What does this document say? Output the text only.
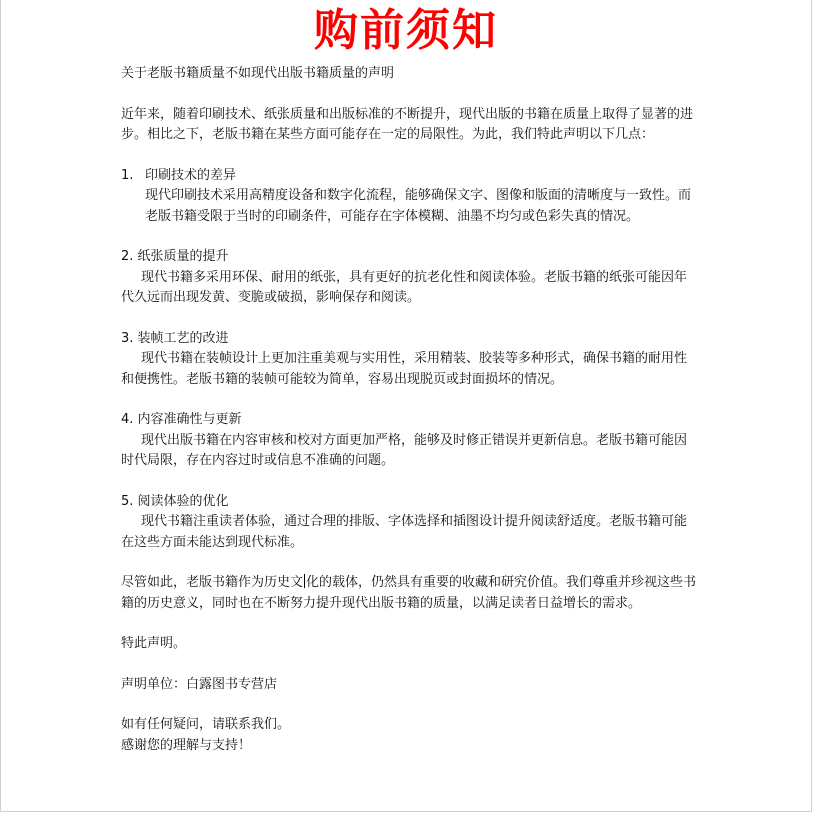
购前须知

关于老版书籍质量不如现代出版书籍质量的声明

近年来，随着印刷技术、纸张质量和出版标准的不断提升，现代出版的书籍在质量上取得了显著的进步。相比之下，老版书籍在某些方面可能存在一定的局限性。为此，我们特此声明以下几点：

1. 印刷技术的差异

现代印刷技术采用高精度设备和数字化流程，能够确保文字、图像和版面的清晰度与一致性。而老版书籍受限于当时的印刷条件，可能存在字体模糊、油墨不均匀或色彩失真的情况。

2. 纸张质量的提升

现代书籍多采用环保、耐用的纸张，具有更好的抗老化性和阅读体验。老版书籍的纸张可能因年代久远而出现发黄、变脆或破损，影响保存和阅读。

3. 装帧工艺的改进

现代书籍在装帧设计上更加注重美观与实用性，采用精装、胶装等多种形式，确保书籍的耐用性和便携性。老版书籍的装帧可能较为简单，容易出现脱页或封面损坏的情况。

4. 内容准确性与更新

现代出版书籍在内容审核和校对方面更加严格，能够及时修正错误并更新信息。老版书籍可能因时代局限，存在内容过时或信息不准确的问题。

5. 阅读体验的优化

现代书籍注重读者体验，通过合理的排版、字体选择和插图设计提升阅读舒适度。老版书籍可能在这些方面未能达到现代标准。

尽管如此，老版书籍作为历史文 化的载体，仍然具有重要的收藏和研究价值。我们尊重并珍视这些书籍的历史意义，同时也在不断努力提升现代出版书籍的质量，以满足读者日益增长的需求。

特此声明。

声明单位：白露图书专营店

如有任何疑问，请联系我们。

感谢您的理解与支持！
